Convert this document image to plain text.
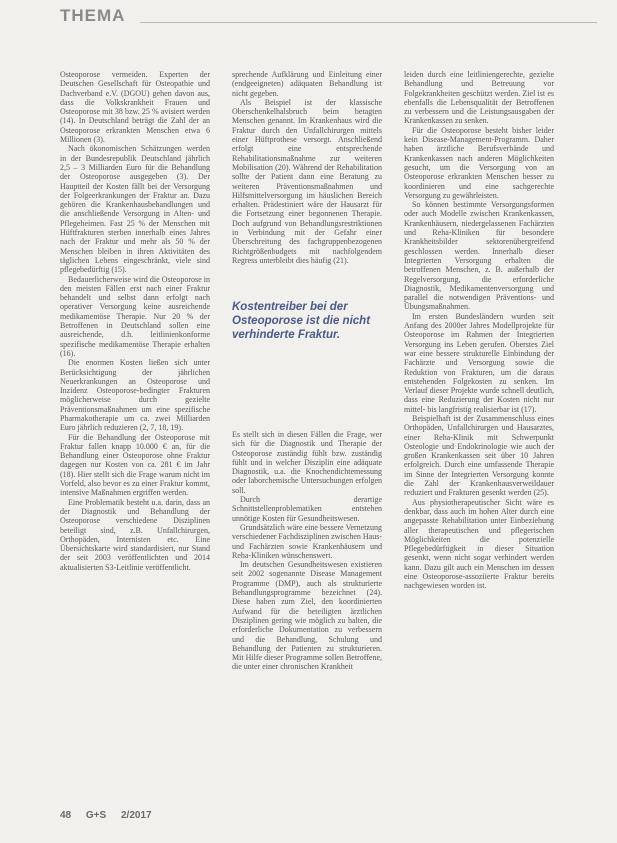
THEMA

Osteoporose vermeiden. Experten der Deutschen Gesellschaft für Osteopathie und Dachverband e.V. (DGOU) gehen davon aus, dass die Volkskrankheit Frauen und Osteoporose mit 38 bzw. 25 % avisiert werden (14). In Deutschland beträgt die Zahl der an Osteoporose erkrankten Menschen etwa 6 Millionen (3).

Nach ökonomischen Schätzungen werden in der Bundesrepublik Deutschland jährlich 2,5 – 3 Milliarden Euro für die Behandlung der Osteoporose ausgegeben (3). Der Hauptteil der Kosten fällt bei der Versorgung der Folgeerkrankungen der Fraktur an. Dazu gehören die Krankenhausbehandlungen und die anschließende Versorgung in Alten- und Pflegeheimen. Fast 25 % der Menschen mit Hüftfrakturen sterben innerhalb eines Jahres nach der Fraktur und mehr als 50 % der Menschen bleiben in ihren Aktivitäten des täglichen Lebens eingeschränkt, viele sind pflegebedürftig (15).

Bedauerlicherweise wird die Osteoporose in den meisten Fällen erst nach einer Fraktur behandelt und selbst dann erfolgt nach operativer Versorgung keine ausreichende medikamentöse Therapie. Nur 20 % der Betroffenen in Deutschland sollen eine ausreichende, d.h. leitlinienkonforme spezifische medikamentöse Therapie erhalten (16).

Die enormen Kosten ließen sich unter Berücksichtigung der jährlichen Neuerkrankungen an Osteoporose und Inzidenz Osteoporose-bedingter Frakturen möglicherweise durch gezielte Präventionsmaßnahmen um eine spezifische Pharmakotherapie um ca. zwei Milliarden Euro jährlich reduzieren (2, 7, 18, 19).

Für die Behandlung der Osteoporose mit Fraktur fallen knapp 10.000 € an, für die Behandlung einer Osteoporose ohne Fraktur dagegen nur Kosten von ca. 281 € im Jahr (18). Hier stellt sich die Frage warum nicht im Vorfeld, also bevor es zu einer Fraktur kommt, intensive Maßnahmen ergriffen werden.

Eine Problematik besteht u.a. darin, dass an der Diagnostik und Behandlung der Osteoporose verschiedene Disziplinen beteiligt sind, z.B. Unfallchirurgen, Orthopäden, Internisten etc. Eine Übersichtskarte wird standardisiert, nur Stand der seit 2003 veröffentlichten und 2014 aktualisierten S3-Leitlinie veröffentlicht.

sprechende Aufklärung und Einleitung einer (endgeeigneten) adäquaten Behandlung ist nicht gegeben.

Als Beispiel ist der klassische Oberschenkelhalsbruch beim betagten Menschen genannt. Im Krankenhaus wird die Fraktur durch den Unfallchirurgen mittels einer Hüftprothese versorgt. Anschließend erfolgt eine entsprechende Rehabilitationsmaßnahme zur weiteren Mobilisation (20). Während der Rehabilitation sollte der Patient dann eine Beratung zu weiteren Präventionsmaßnahmen und Hilfsmittelversorgung im häuslichen Bereich erhalten. Prädestiniert wäre der Hausarzt für die Fortsetzung einer begonnenen Therapie. Doch aufgrund von Behandlungsrestriktionen in Verbindung mit der Gefahr einer Überschreitung des fachgruppenbezogenen Richtgrößenbudgets mit nachfolgendem Regress unterbleibt dies häufig (21).

Kostentreiber bei der
Osteoporose ist die nicht
verhinderte Fraktur.

Es stellt sich in diesen Fällen die Frage, wer sich für die Diagnostik und Therapie der Osteoporose zuständig fühlt bzw. zuständig fühlt und in welcher Disziplin eine adäquate Diagnostik, u.a. die Knochendichtemessung oder laborchemische Untersuchungen erfolgen soll.

Durch derartige Schnittstellenproblematiken entstehen unnötige Kosten für Gesundheitswesen.

Grundsätzlich wäre eine bessere Vernetzung verschiedener Fachdisziplinen zwischen Haus- und Fachärzten sowie Krankenhäusern und Reha-Kliniken wünschenswert.

Im deutschen Gesundheitswesen existieren seit 2002 sogenannte Disease Management Programme (DMP), auch als strukturierte Behandlungsprogramme bezeichnet (24). Diese haben zum Ziel, den koordinierten Aufwand für die beteiligten ärztlichen Disziplinen gering wie möglich zu halten, die erforderliche Dokumentation zu verbessern und die Behandlung, Schulung und Behandlung der Patienten zu strukturieren. Mit Hilfe dieser Programme sollen Betroffene, die unter einer chronischen Krankheit

leiden durch eine leitliniengerechte, gezielte Behandlung und Betreuung vor Folgekrankheiten geschützt werden. Ziel ist es ebenfalls die Lebensqualität der Betroffenen zu verbessern und die Leistungsausgaben der Krankenkassen zu senken.

Für die Osteoporose besteht bisher leider kein Disease-Management-Programm. Daher haben ärztliche Berufsverbände und Krankenkassen nach anderen Möglichkeiten gesucht, um die Versorgung von an Osteoporose erkrankten Menschen besser zu koordinieren und eine sachgerechte Versorgung zu gewährleisten.

So können bestimmte Versorgungsformen oder auch Modelle zwischen Krankenkassen, Krankenhäusern, niedergelassenen Fachärzten und Reha-Kliniken für besondere Krankheitsbilder sektorenübergreifend geschlossen werden. Innerhalb dieser Integrierten Versorgung erhalten die betroffenen Menschen, z. B. außerhalb der Regelversorgung, die erforderliche Diagnostik, Medikamentenversorgung und parallel die notwendigen Präventions- und Übungsmaßnahmen.

Im ersten Bundesländern wurden seit Anfang des 2000er Jahres Modellprojekte für Osteoporose im Rahmen der Integrierten Versorgung ins Leben gerufen. Oberstes Ziel war eine bessere strukturelle Einbindung der Fachärzte und Versorgung sowie die Reduktion von Frakturen, um die daraus entstehenden Folgekosten zu senken. Im Verlauf dieser Projekte wurde schnell deutlich, dass eine Reduzierung der Kosten nicht nur mittel- bis langfristig realisierbar ist (17).

Beispielhaft ist der Zusammenschluss eines Orthopäden, Unfallchirurgen und Hausarztes, einer Reha-Klinik mit Schwerpunkt Osteologie und Endokrinologie wie auch der großen Krankenkassen seit über 10 Jahren erfolgreich. Durch eine umfassende Therapie im Sinne der Integrierten Versorgung konnte die Zahl der Krankenhausverweildauer reduziert und Frakturen gesenkt werden (25).

Aus physiotherapeutischer Sicht wäre es denkbar, dass auch im hohen Alter durch eine angepasste Rehabilitation unter Einbeziehung aller therapeutischen und pflegerischen Möglichkeiten die potenzielle Pflegebedürftigkeit in dieser Situation gesenkt, wenn nicht sogar verhindert werden kann. Dazu gilt auch ein Menschen im dessen eine Osteoporose-assoziierte Fraktur bereits nachgewiesen worden ist.

48 G+S 2/2017
